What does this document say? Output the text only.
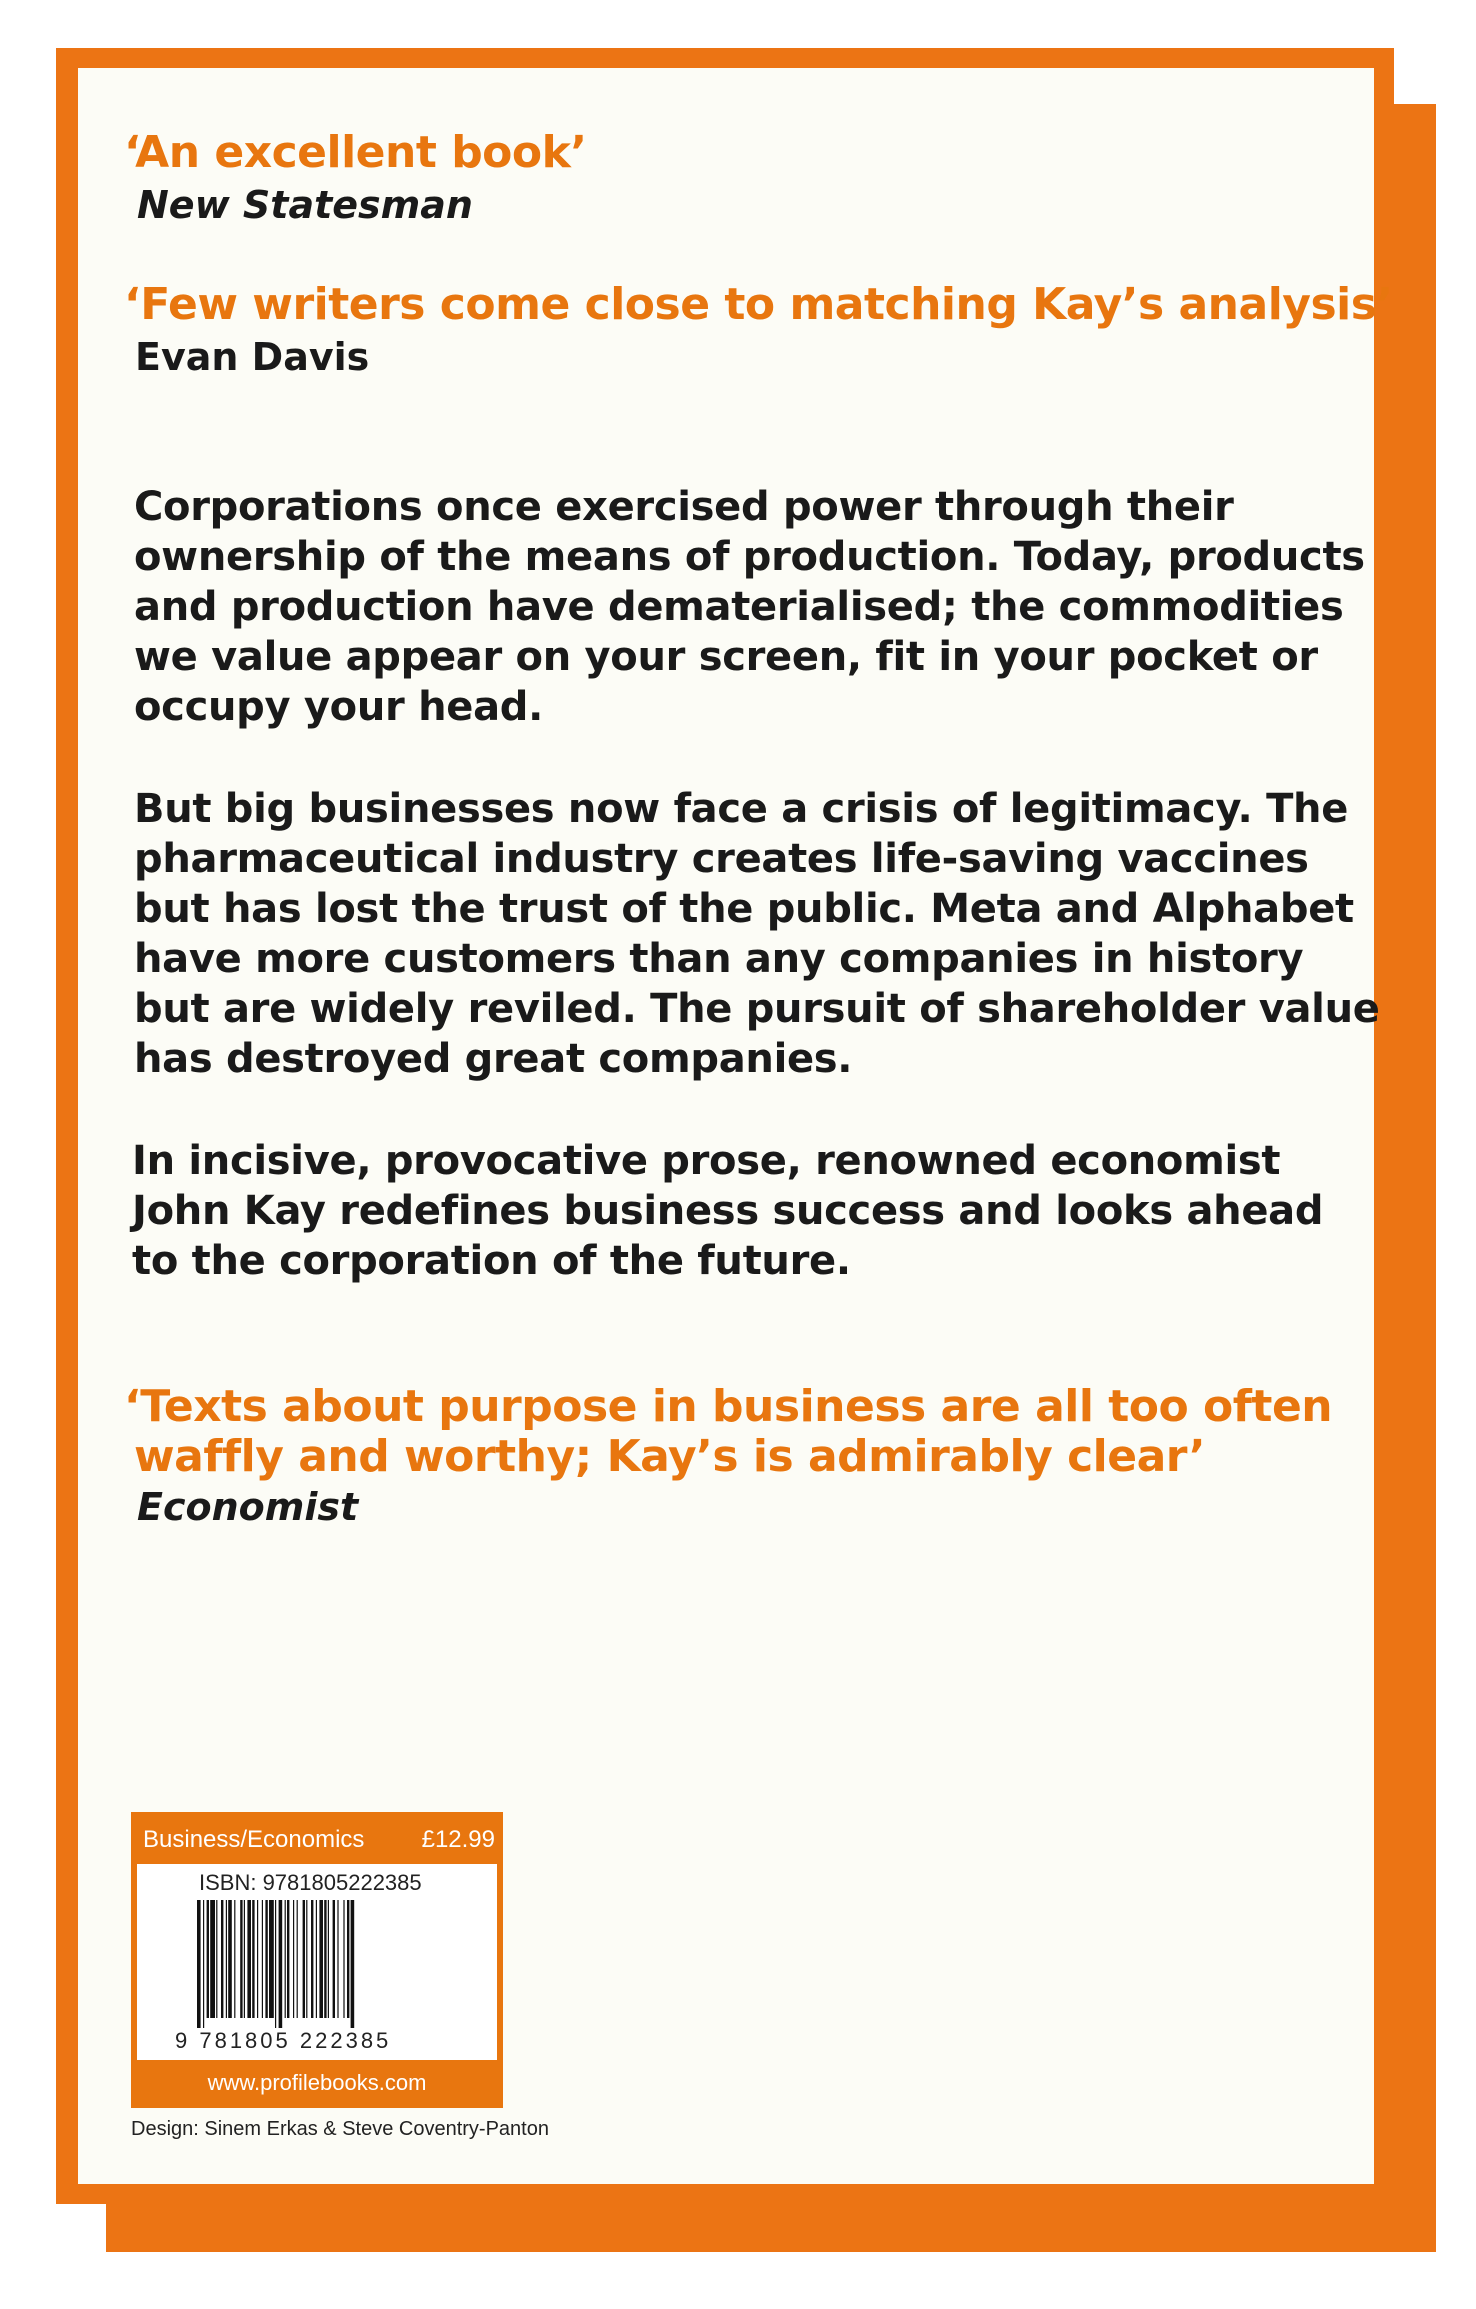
‘An excellent book’
New Statesman
‘Few writers come close to matching Kay’s analysis’
Evan Davis
Corporations once exercised power through their
ownership of the means of production. Today, products
and production have dematerialised; the commodities
we value appear on your screen, fit in your pocket or
occupy your head.
But big businesses now face a crisis of legitimacy. The
pharmaceutical industry creates life-saving vaccines
but has lost the trust of the public. Meta and Alphabet
have more customers than any companies in history
but are widely reviled. The pursuit of shareholder value
has destroyed great companies.
In incisive, provocative prose, renowned economist
John Kay redefines business success and looks ahead
to the corporation of the future.
‘Texts about purpose in business are all too often
waffly and worthy; Kay’s is admirably clear’
Economist
Business/Economics £12.99
ISBN: 9781805222385
9 781805 222385
www.profilebooks.com
Design: Sinem Erkas & Steve Coventry-Panton
